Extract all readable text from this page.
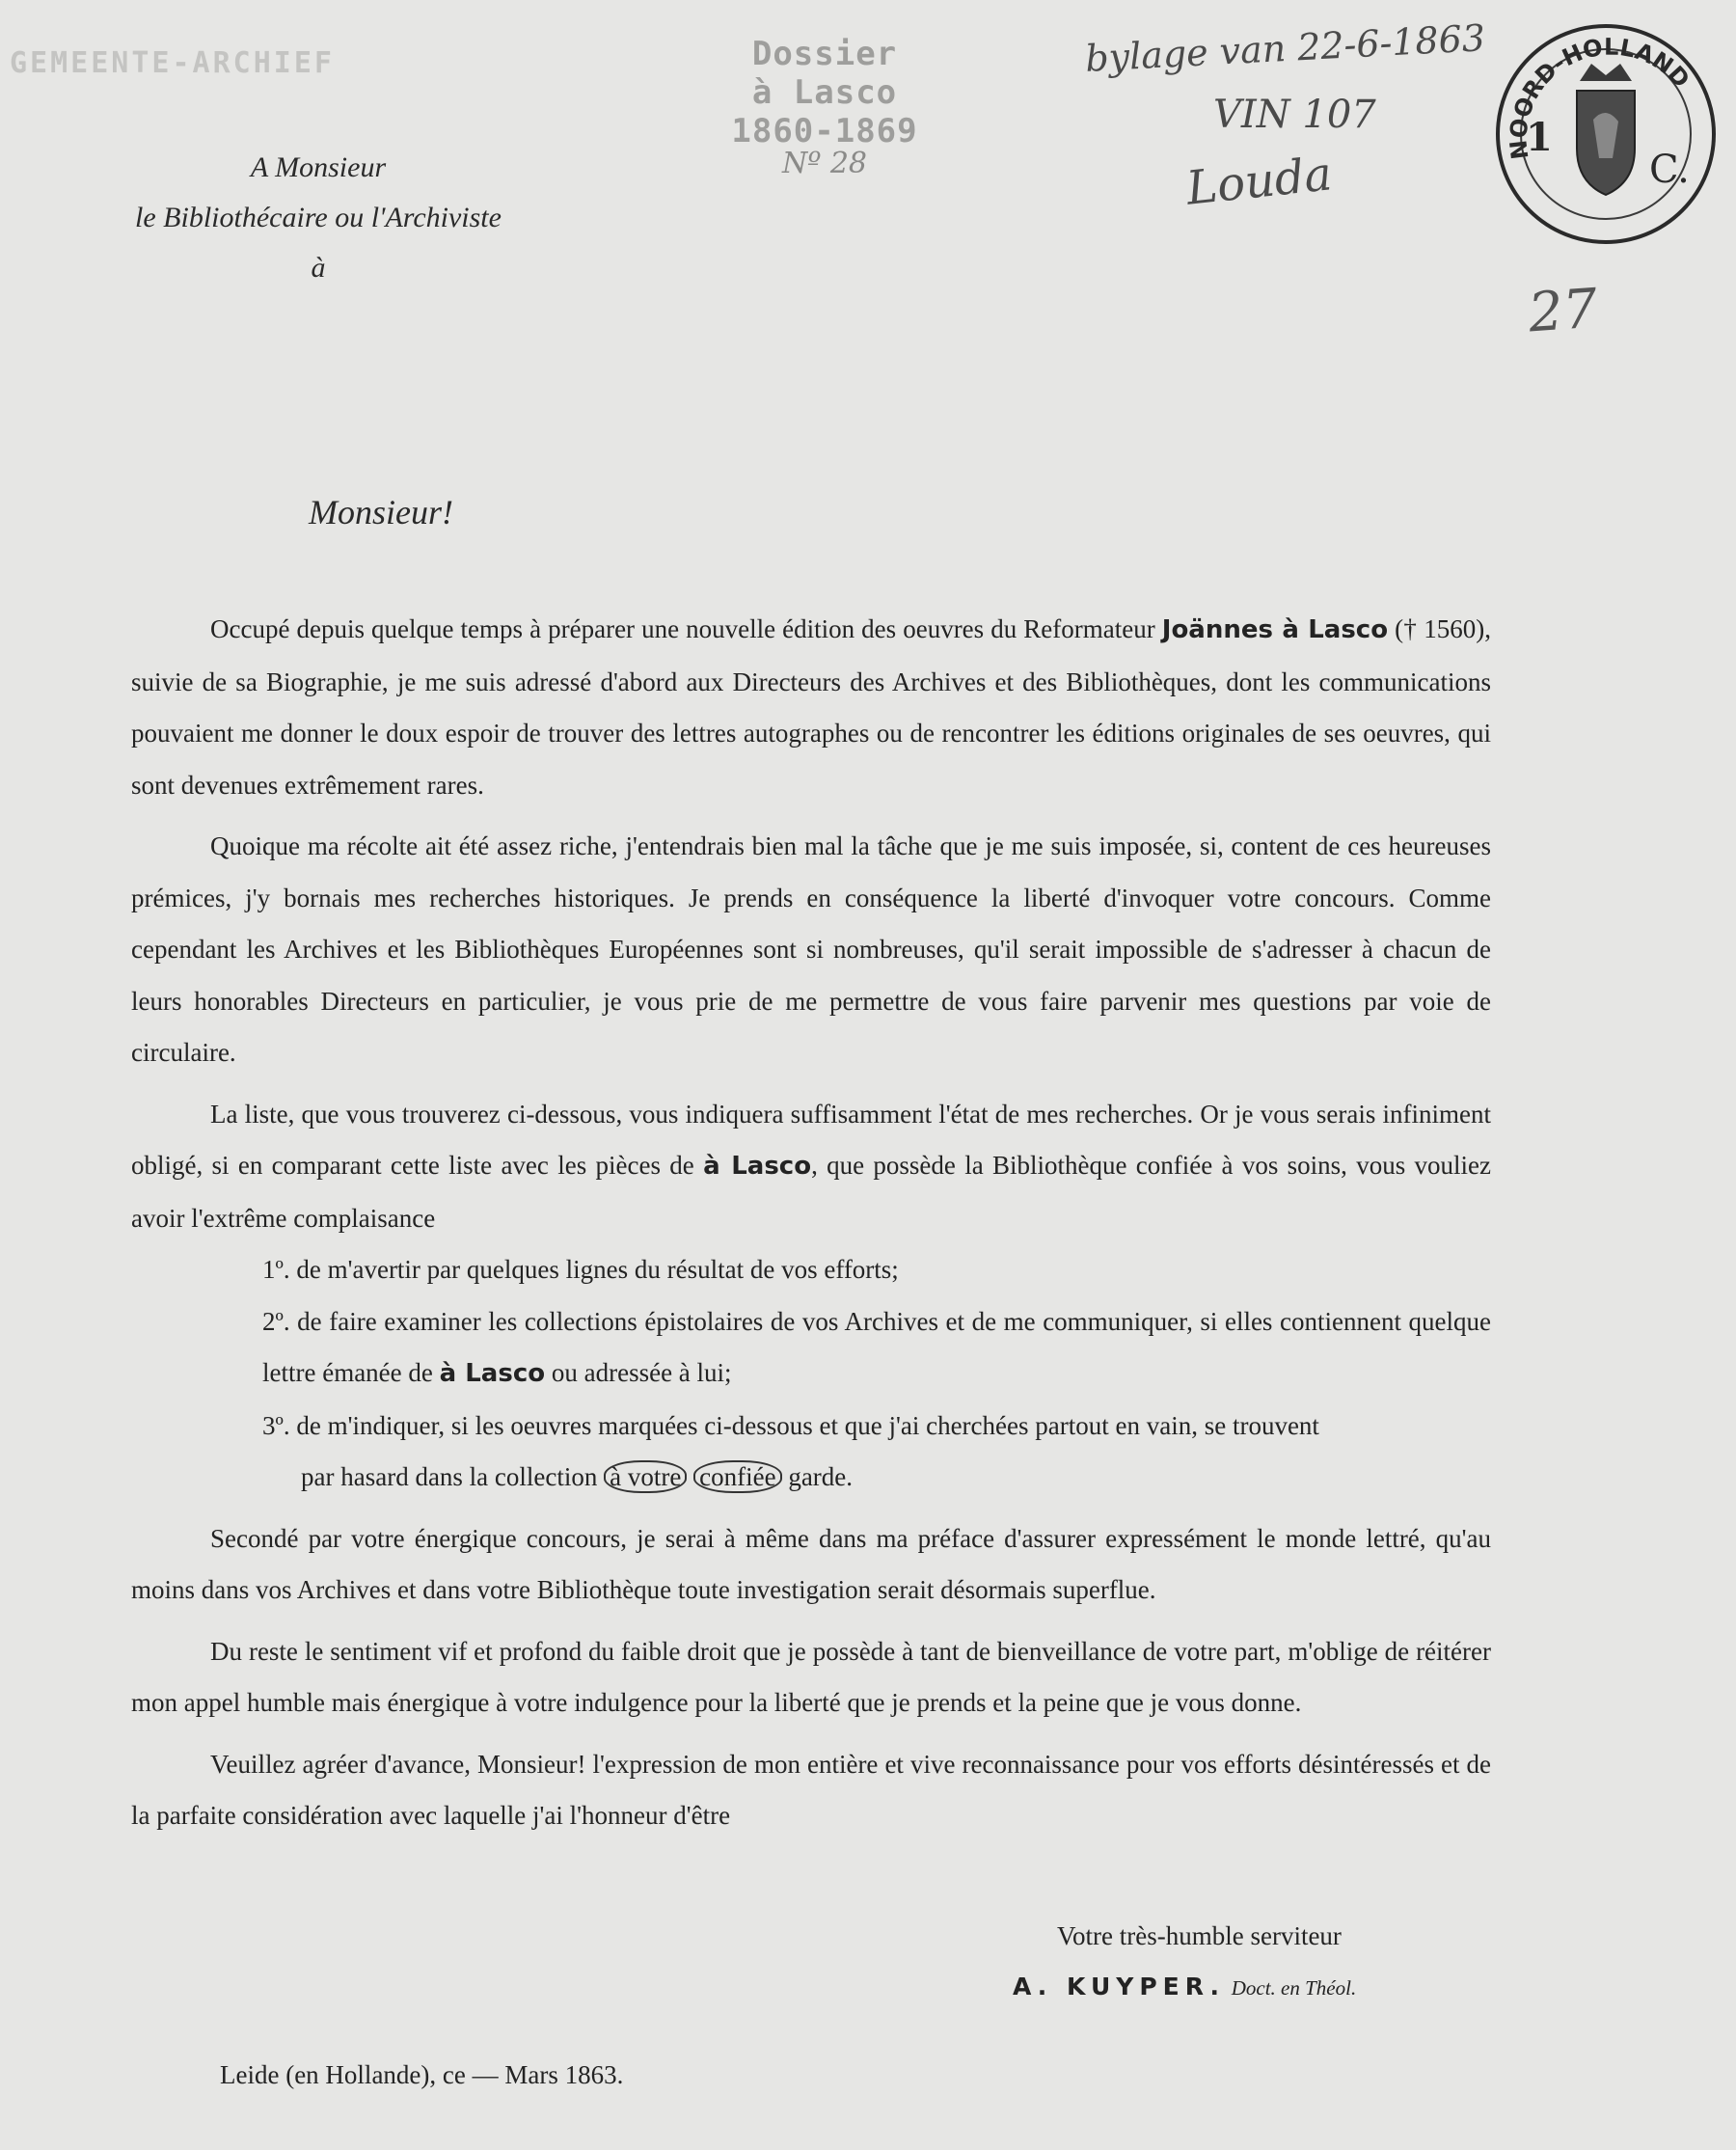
GEMEENTE-ARCHIEF	Dossier
à Lasco
1860-1869
Nº 28
bylage van 22-6-1863
VIN 107
Louda	NOORD-HOLLAND
1
C.
27
A Monsieur
le Bibliothécaire ou l'Archiviste
à
Monsieur!

Occupé depuis quelque temps à préparer une nouvelle édition des oeuvres du Reformateur Joännes à Lasco († 1560), suivie de sa Biographie, je me suis adressé d'abord aux Directeurs des Archives et des Bibliothèques, dont les communications pouvaient me donner le doux espoir de trouver des lettres autographes ou de rencontrer les éditions originales de ses oeuvres, qui sont devenues extrêmement rares.

Quoique ma récolte ait été assez riche, j'entendrais bien mal la tâche que je me suis imposée, si, content de ces heureuses prémices, j'y bornais mes recherches historiques. Je prends en conséquence la liberté d'invoquer votre concours. Comme cependant les Archives et les Bibliothèques Européennes sont si nombreuses, qu'il serait impossible de s'adresser à chacun de leurs honorables Directeurs en particulier, je vous prie de me permettre de vous faire parvenir mes questions par voie de circulaire.

La liste, que vous trouverez ci-dessous, vous indiquera suffisamment l'état de mes recherches. Or je vous serais infiniment obligé, si en comparant cette liste avec les pièces de à Lasco, que possède la Bibliothèque confiée à vos soins, vous vouliez avoir l'extrême complaisance

1º. de m'avertir par quelques lignes du résultat de vos efforts;

2º. de faire examiner les collections épistolaires de vos Archives et de me communiquer, si elles contiennent quelque lettre émanée de à Lasco ou adressée à lui;

3º. de m'indiquer, si les oeuvres marquées ci-dessous et que j'ai cherchées partout en vain, se trouvent

par hasard dans la collection à votre confiée garde.

Secondé par votre énergique concours, je serai à même dans ma préface d'assurer expressément le monde lettré, qu'au moins dans vos Archives et dans votre Bibliothèque toute investigation serait désormais superflue.

Du reste le sentiment vif et profond du faible droit que je possède à tant de bienveillance de votre part, m'oblige de réitérer mon appel humble mais énergique à votre indulgence pour la liberté que je prends et la peine que je vous donne.

Veuillez agréer d'avance, Monsieur! l'expression de mon entière et vive reconnaissance pour vos efforts désintéressés et de la parfaite considération avec laquelle j'ai l'honneur d'être

Votre très-humble serviteur
A. KUYPER. Doct. en Théol.
Leide (en Hollande), ce — Mars 1863.
